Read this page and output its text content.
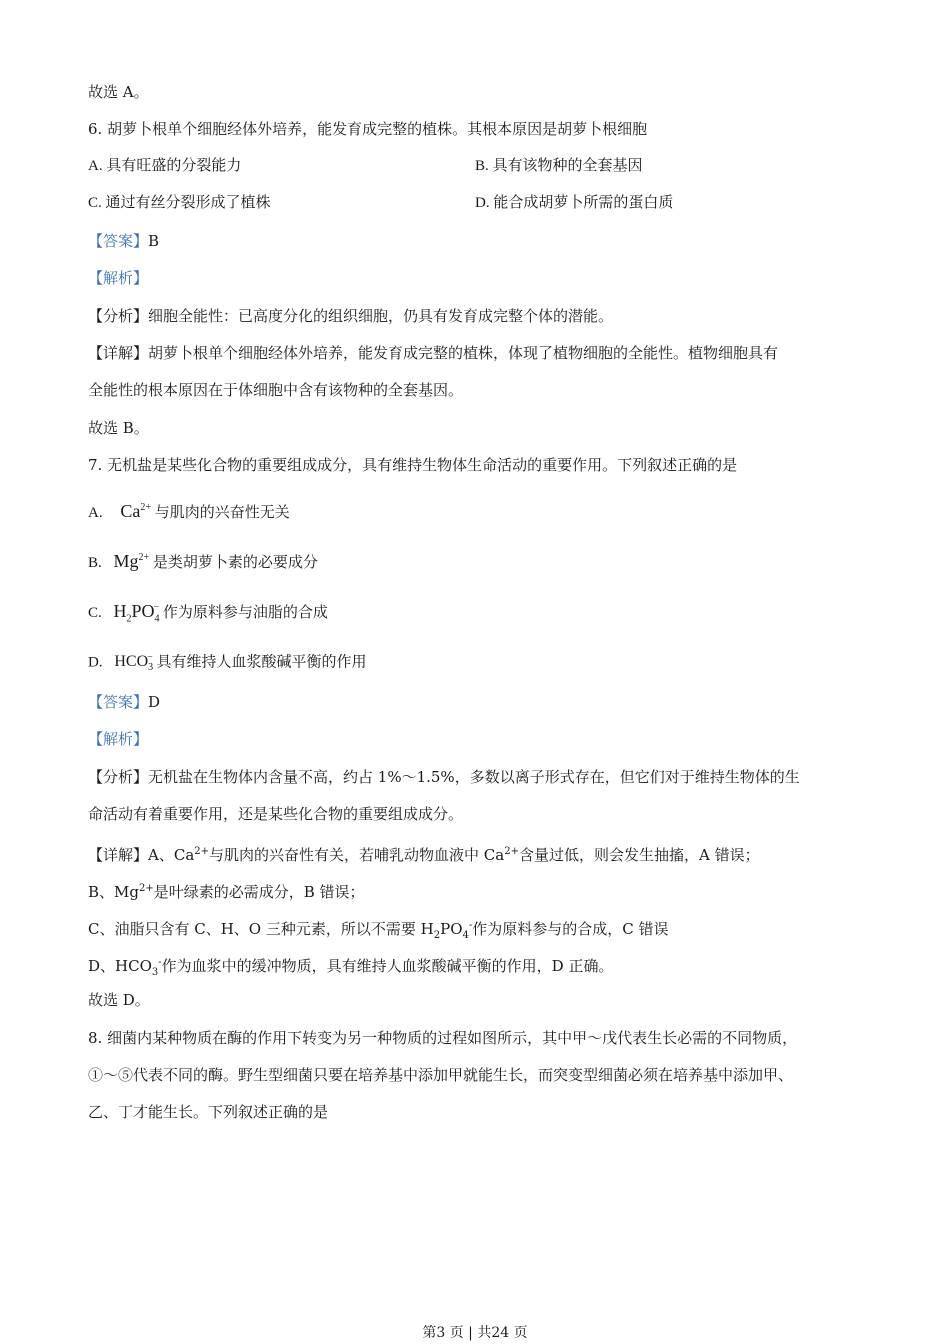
故选 A。
6. 胡萝卜根单个细胞经体外培养，能发育成完整的植株。其根本原因是胡萝卜根细胞
A. 具有旺盛的分裂能力	B. 具有该物种的全套基因
C. 通过有丝分裂形成了植株	D. 能合成胡萝卜所需的蛋白质
【答案】B
【解析】
【分析】细胞全能性：已高度分化的组织细胞，仍具有发育成完整个体的潜能。
【详解】胡萝卜根单个细胞经体外培养，能发育成完整的植株，体现了植物细胞的全能性。植物细胞具有
全能性的根本原因在于体细胞中含有该物种的全套基因。
故选 B。
7. 无机盐是某些化合物的重要组成成分，具有维持生物体生命活动的重要作用。下列叙述正确的是
A. $Ca^{2+}$ 与肌肉的兴奋性无关
B. $Mg^{2+}$ 是类胡萝卜素的必要成分
C. $H_2PO_4^-$ 作为原料参与油脂的合成
D. $HCO_3^-$ 具有维持人血浆酸碱平衡的作用
【答案】D
【解析】
【分析】无机盐在生物体内含量不高，约占 1%～1.5%，多数以离子形式存在，但它们对于维持生物体的生
命活动有着重要作用，还是某些化合物的重要组成成分。
【详解】A、$Ca^{2+}$与肌肉的兴奋性有关，若哺乳动物血液中 $Ca^{2+}$含量过低，则会发生抽搐，A 错误；
B、$Mg^{2+}$是叶绿素的必需成分，B 错误；
C、油脂只含有 C、H、O 三种元素，所以不需要 $H_2PO_4^-$作为原料参与的合成，C 错误
D、$HCO_3^-$作为血浆中的缓冲物质，具有维持人血浆酸碱平衡的作用，D 正确。
故选 D。
8. 细菌内某种物质在酶的作用下转变为另一种物质的过程如图所示，其中甲～戊代表生长必需的不同物质，
①～⑤代表不同的酶。野生型细菌只要在培养基中添加甲就能生长，而突变型细菌必须在培养基中添加甲、
乙、丁才能生长。下列叙述正确的是
第3 页 | 共24 页
